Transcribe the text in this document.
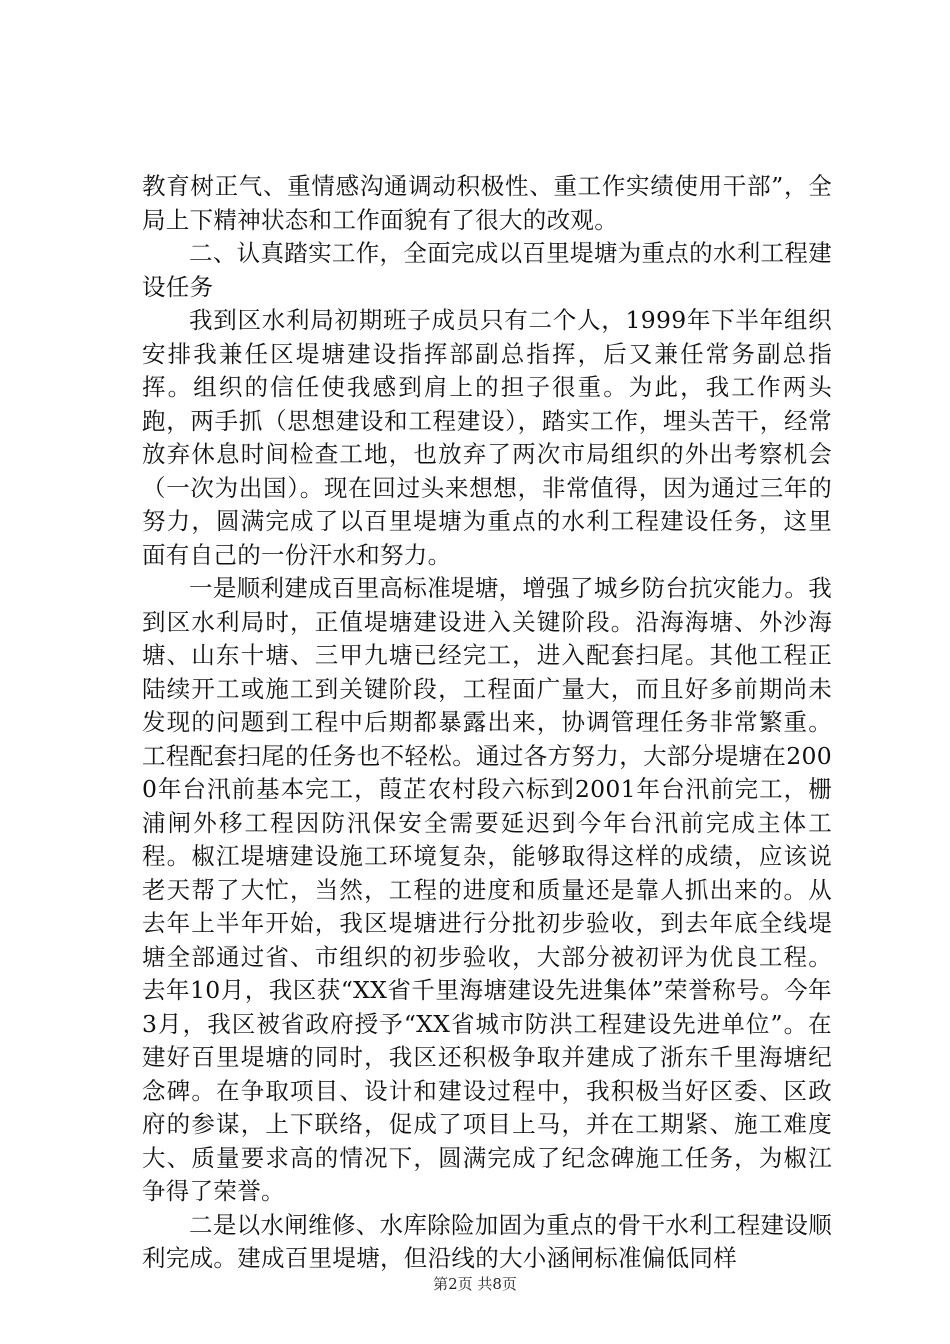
教育树正气、重情感沟通调动积极性、重工作实绩使用干部”，全局上下精神状态和工作面貌有了很大的改观。

二、认真踏实工作，全面完成以百里堤塘为重点的水利工程建设任务

我到区水利局初期班子成员只有二个人，1999年下半年组织安排我兼任区堤塘建设指挥部副总指挥，后又兼任常务副总指挥。组织的信任使我感到肩上的担子很重。为此，我工作两头跑，两手抓（思想建设和工程建设），踏实工作，埋头苦干，经常放弃休息时间检查工地，也放弃了两次市局组织的外出考察机会（一次为出国）。现在回过头来想想，非常值得，因为通过三年的努力，圆满完成了以百里堤塘为重点的水利工程建设任务，这里面有自己的一份汗水和努力。

一是顺利建成百里高标准堤塘，增强了城乡防台抗灾能力。我到区水利局时，正值堤塘建设进入关键阶段。沿海海塘、外沙海塘、山东十塘、三甲九塘已经完工，进入配套扫尾。其他工程正陆续开工或施工到关键阶段，工程面广量大，而且好多前期尚未发现的问题到工程中后期都暴露出来，协调管理任务非常繁重。工程配套扫尾的任务也不轻松。通过各方努力，大部分堤塘在2000年台汛前基本完工，葭芷农村段六标到2001年台汛前完工，栅浦闸外移工程因防汛保安全需要延迟到今年台汛前完成主体工程。椒江堤塘建设施工环境复杂，能够取得这样的成绩，应该说老天帮了大忙，当然，工程的进度和质量还是靠人抓出来的。从去年上半年开始，我区堤塘进行分批初步验收，到去年底全线堤塘全部通过省、市组织的初步验收，大部分被初评为优良工程。去年10月，我区获“XX省千里海塘建设先进集体”荣誉称号。今年3月，我区被省政府授予“XX省城市防洪工程建设先进单位”。在建好百里堤塘的同时，我区还积极争取并建成了浙东千里海塘纪念碑。在争取项目、设计和建设过程中，我积极当好区委、区政府的参谋，上下联络，促成了项目上马，并在工期紧、施工难度大、质量要求高的情况下，圆满完成了纪念碑施工任务，为椒江争得了荣誉。

二是以水闸维修、水库除险加固为重点的骨干水利工程建设顺利完成。建成百里堤塘，但沿线的大小涵闸标准偏低同样

第2页 共8页
